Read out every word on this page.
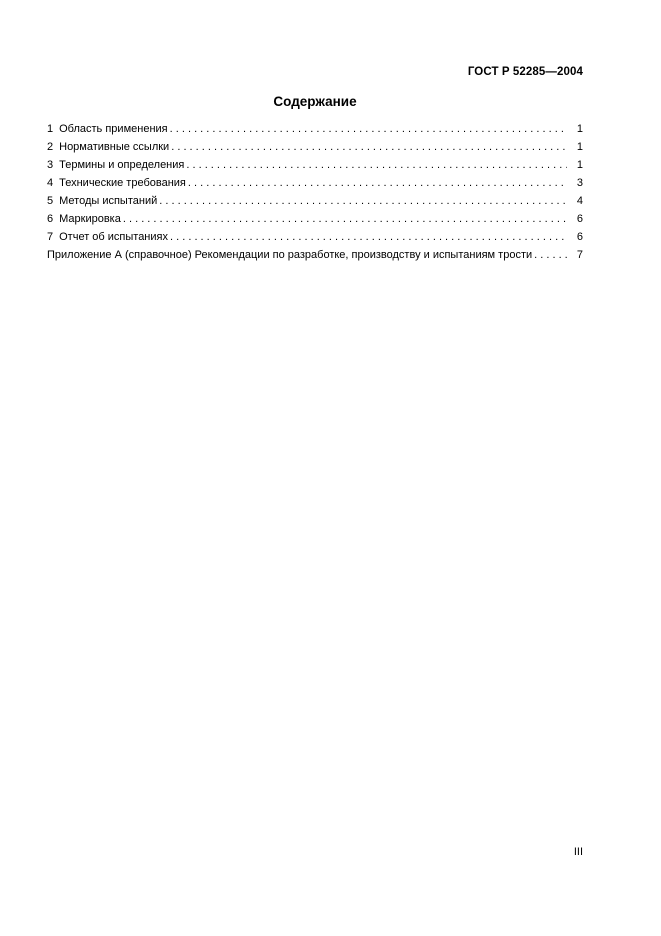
ГОСТ Р 52285—2004
Содержание
1 Область применения . . .	1
2 Нормативные ссылки . . .	1
3 Термины и определения . . .	1
4 Технические требования . . .	3
5 Методы испытаний . . .	4
6 Маркировка . . .	6
7 Отчет об испытаниях . . .	6
Приложение А (справочное) Рекомендации по разработке, производству и испытаниям трости . . .	7
III
